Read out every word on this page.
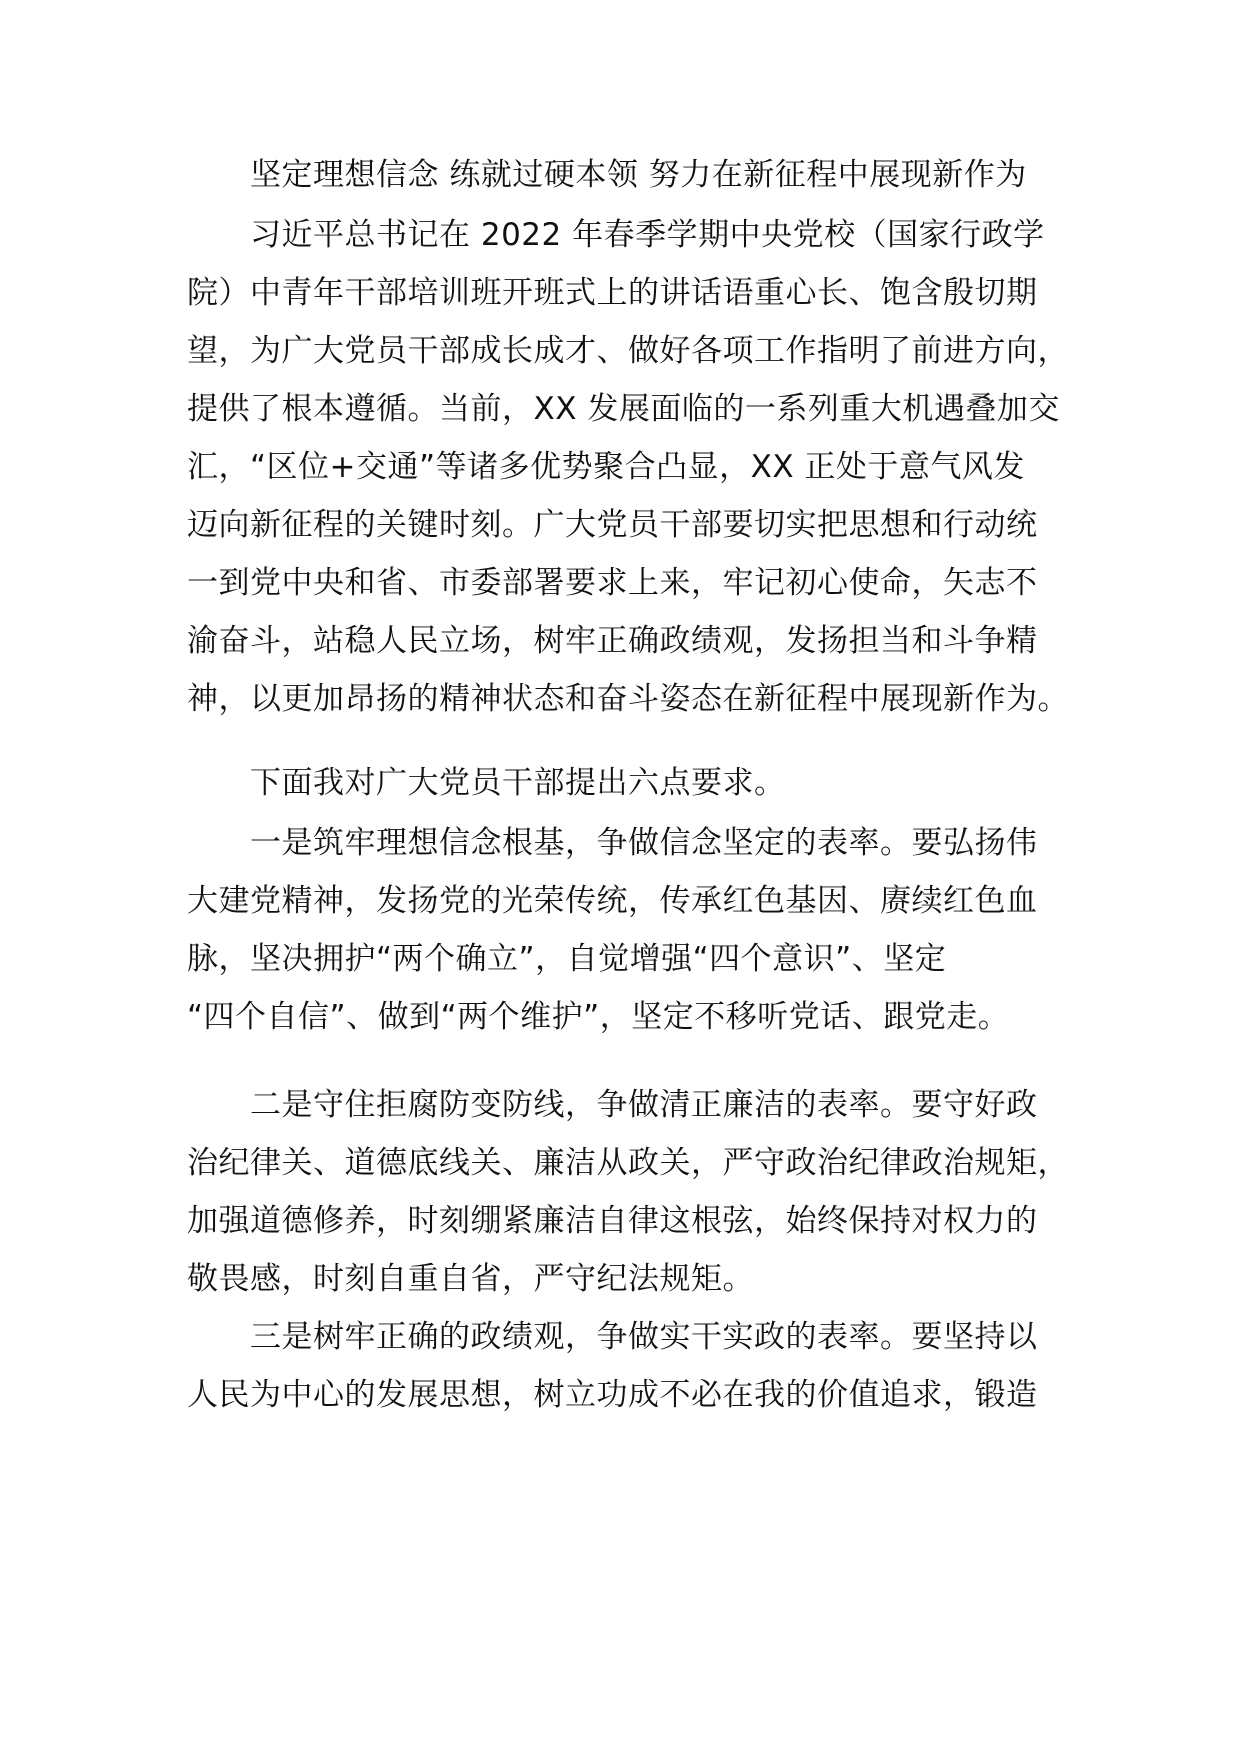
坚定理想信念 练就过硬本领 努力在新征程中展现新作为
习近平总书记在 2022 年春季学期中央党校（国家行政学
院）中青年干部培训班开班式上的讲话语重心长、饱含殷切期
望，为广大党员干部成长成才、做好各项工作指明了前进方向，
提供了根本遵循。当前，XX 发展面临的一系列重大机遇叠加交
汇，“区位+交通”等诸多优势聚合凸显，XX 正处于意气风发
迈向新征程的关键时刻。广大党员干部要切实把思想和行动统
一到党中央和省、市委部署要求上来，牢记初心使命，矢志不
渝奋斗，站稳人民立场，树牢正确政绩观，发扬担当和斗争精
神，以更加昂扬的精神状态和奋斗姿态在新征程中展现新作为。
下面我对广大党员干部提出六点要求。
一是筑牢理想信念根基，争做信念坚定的表率。要弘扬伟
大建党精神，发扬党的光荣传统，传承红色基因、赓续红色血
脉，坚决拥护“两个确立”，自觉增强“四个意识”、坚定
“四个自信”、做到“两个维护”，坚定不移听党话、跟党走。
二是守住拒腐防变防线，争做清正廉洁的表率。要守好政
治纪律关、道德底线关、廉洁从政关，严守政治纪律政治规矩，
加强道德修养，时刻绷紧廉洁自律这根弦，始终保持对权力的
敬畏感，时刻自重自省，严守纪法规矩。
三是树牢正确的政绩观，争做实干实政的表率。要坚持以
人民为中心的发展思想，树立功成不必在我的价值追求，锻造
